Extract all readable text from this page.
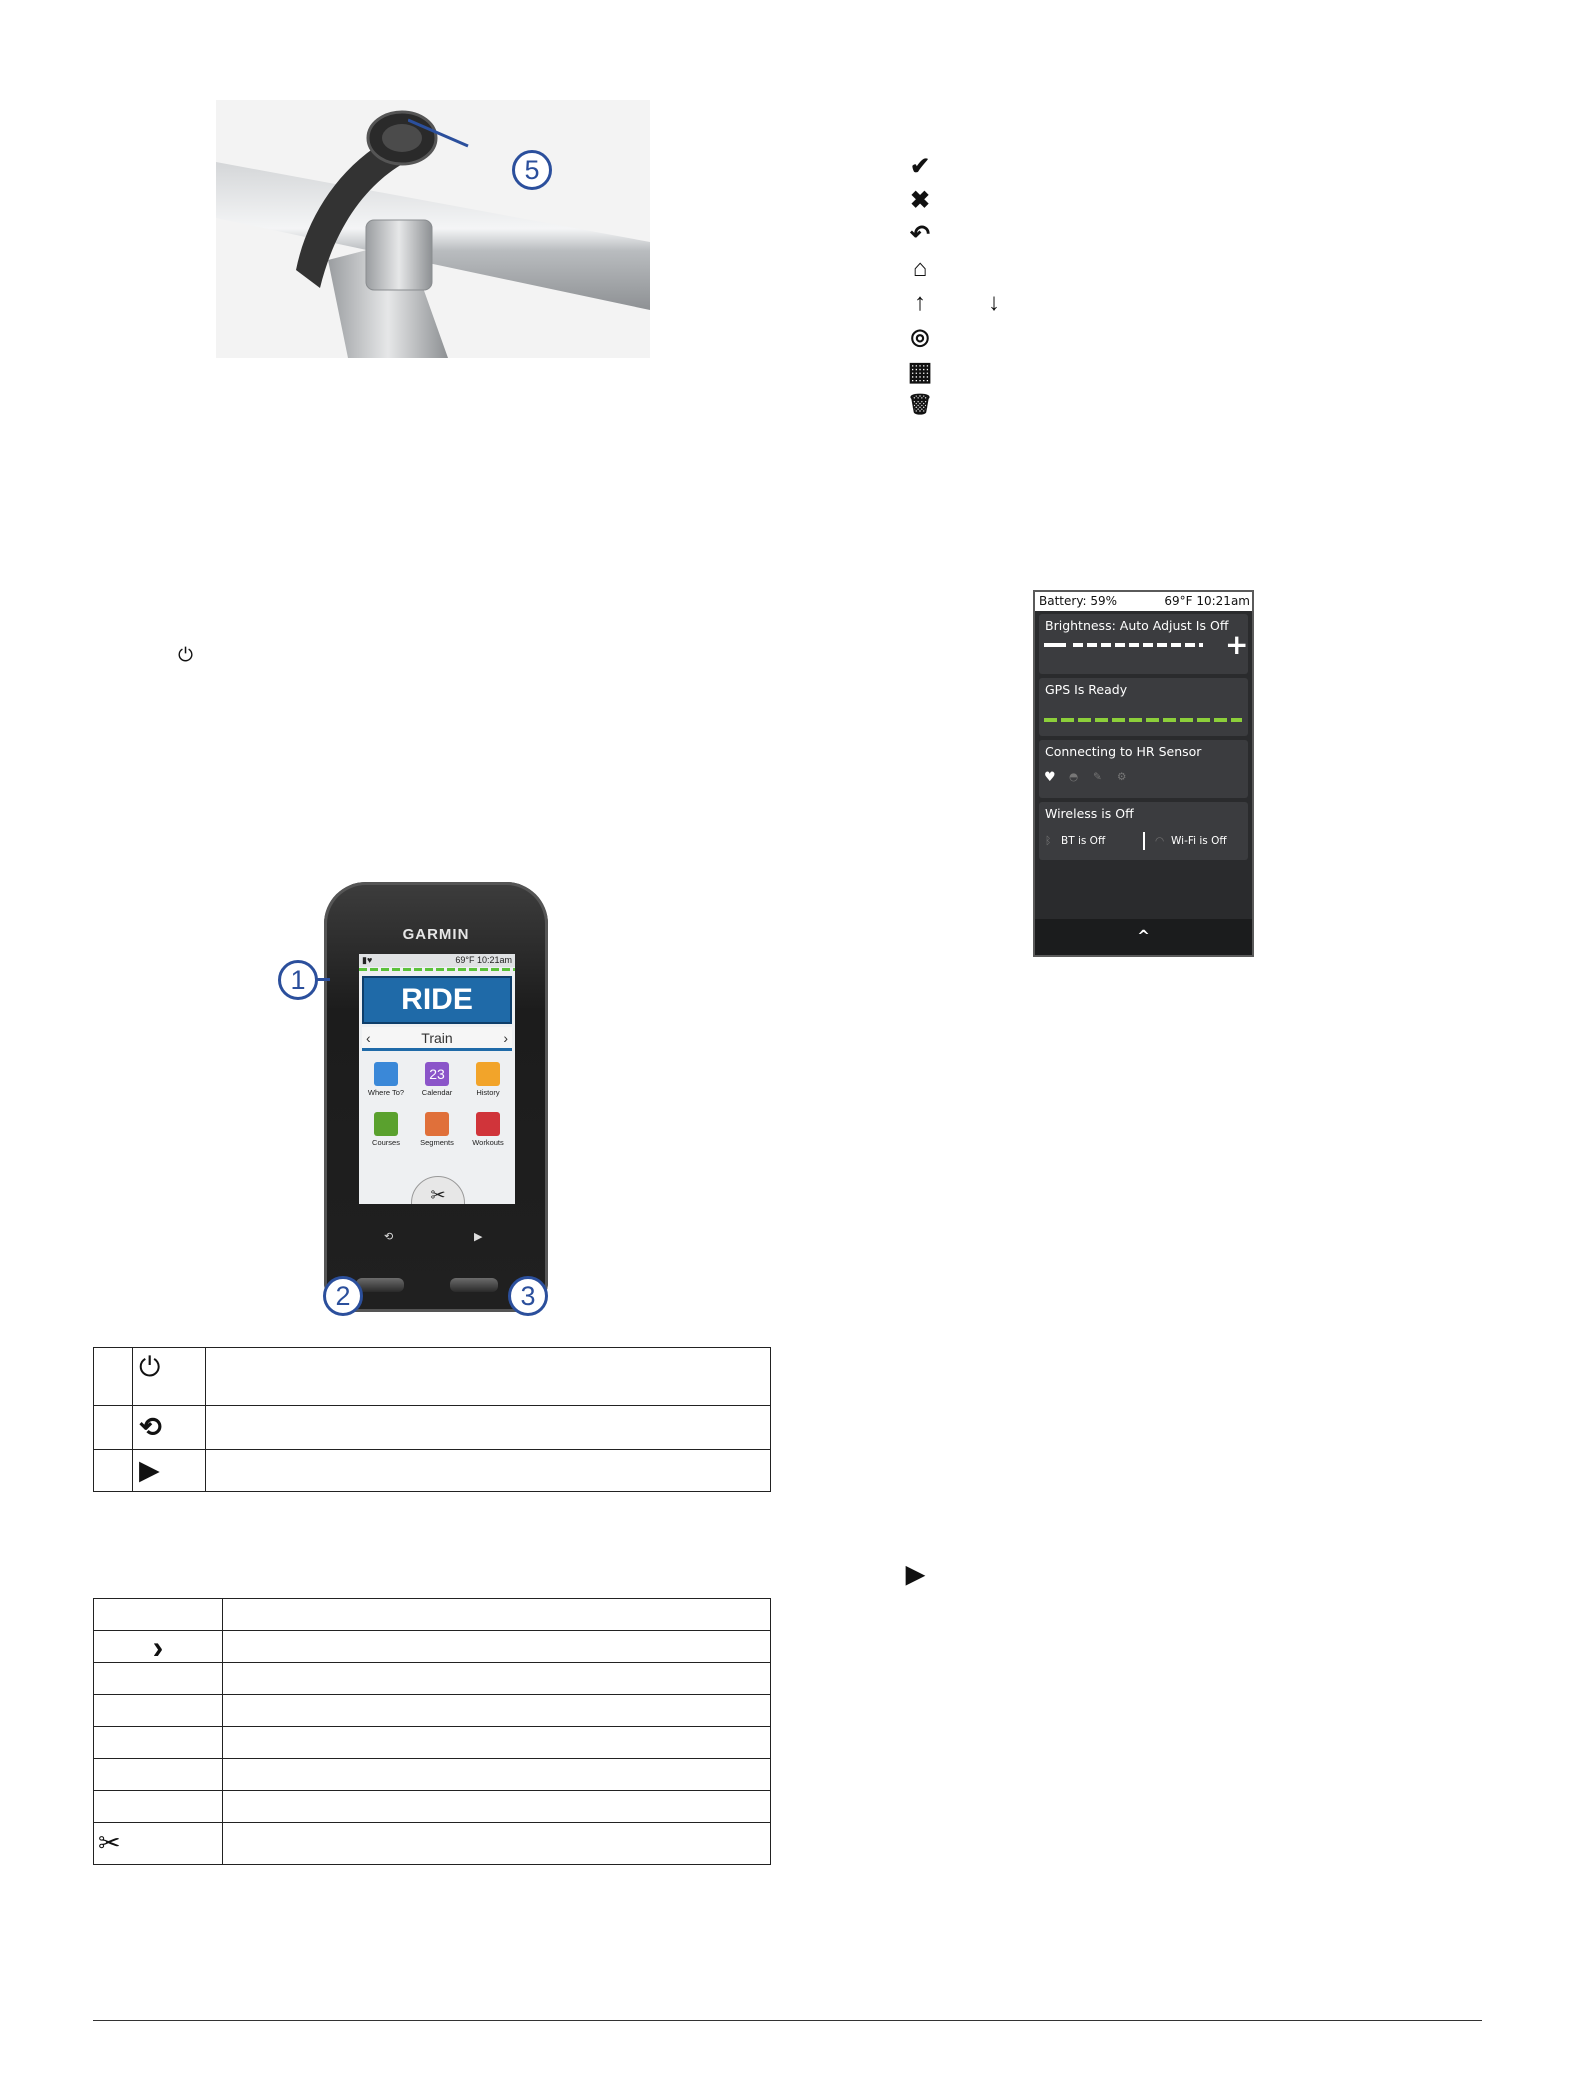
5
⏻
GARMIN
▮♥	69°F 10:21am
RIDE
‹	Train	›
Where To?
23
Calendar	History
Courses	Segments	Workouts
✂
⟲	▶
1
2	3
	⏻	
	⟲	
	▶	

›	

✂	
✔
✖
↶
⌂
↑	↓
◎
▦
🗑
Battery: 59%	69°F 10:21am
Brightness: Auto Adjust Is Off
+
GPS Is Ready
Connecting to HR Sensor
♥ ◓ ✎ ⚙
Wireless is Off
ᛒ BT is Off	◠ Wi-Fi is Off
^
▶
